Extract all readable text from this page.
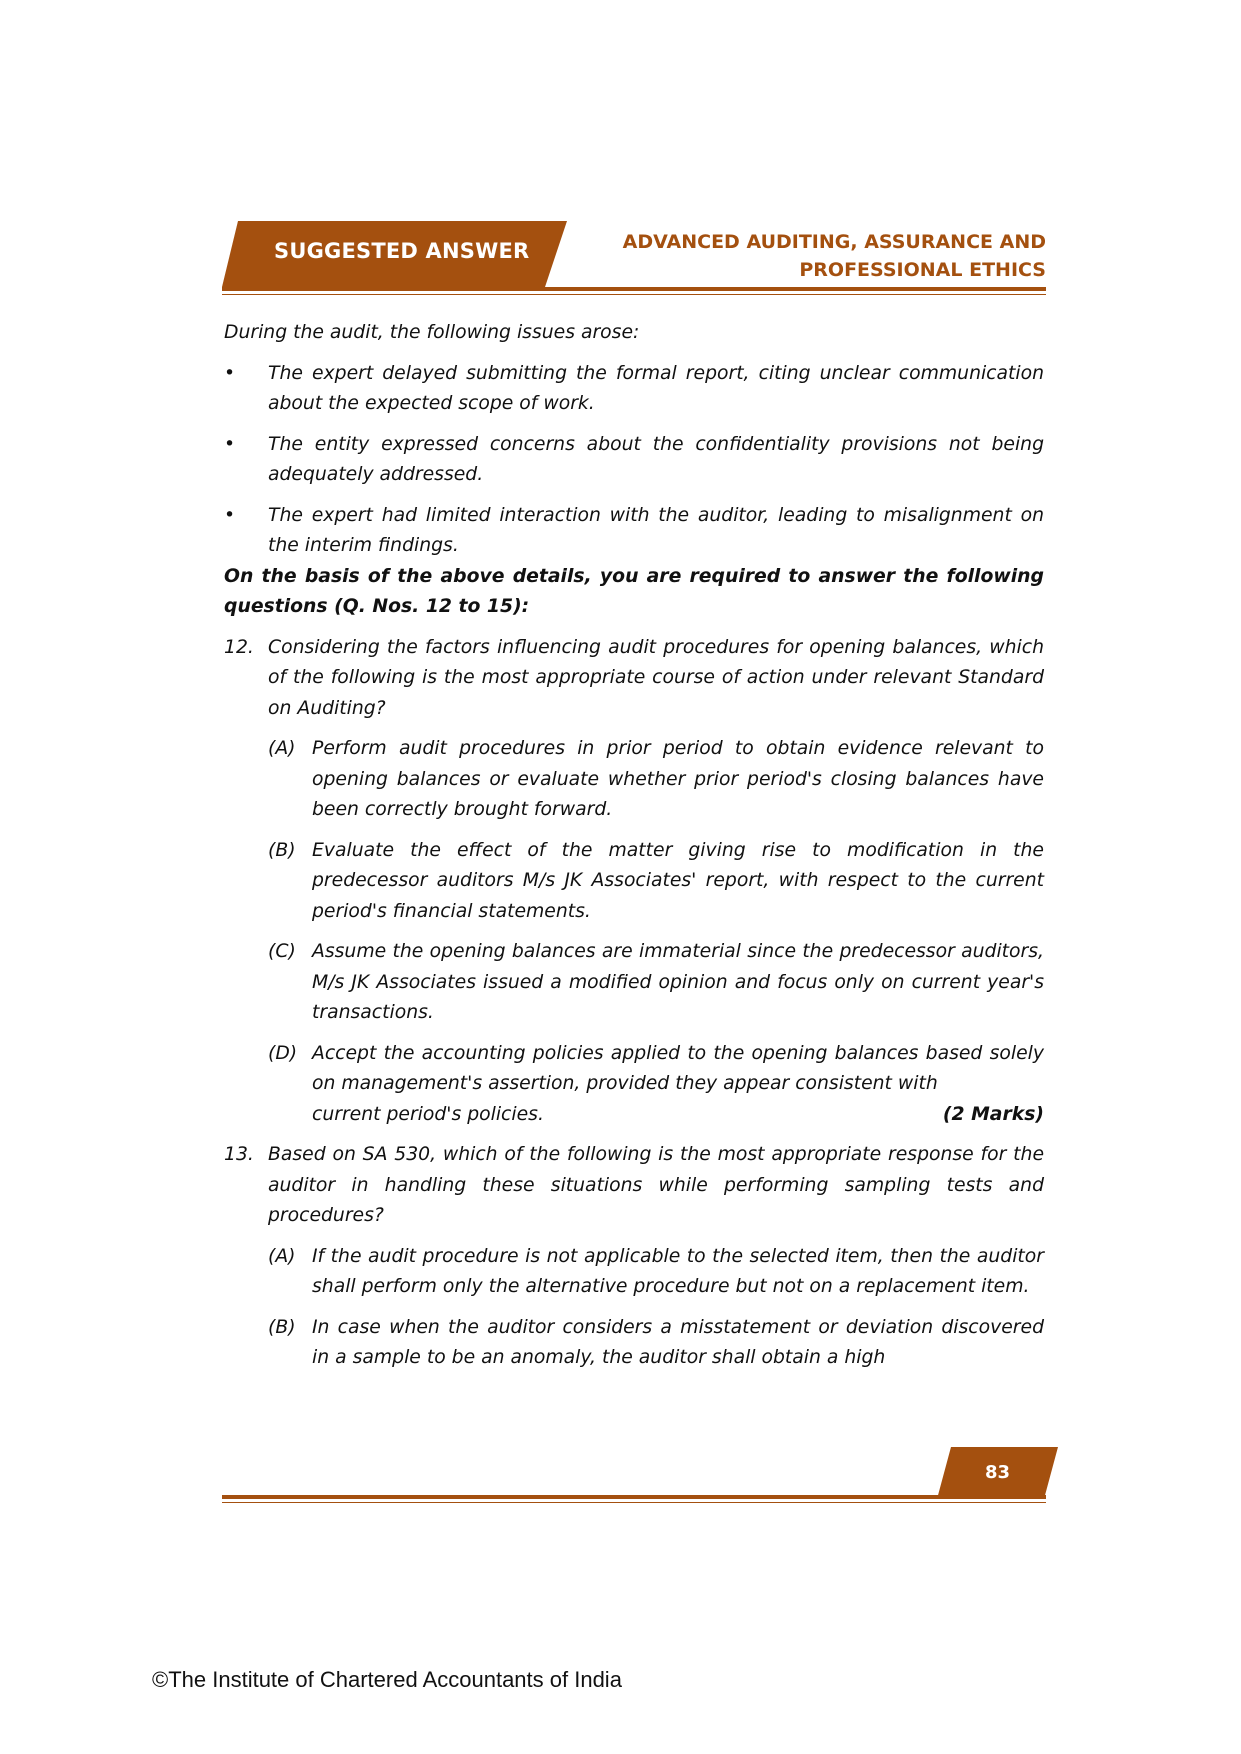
SUGGESTED ANSWER	ADVANCED AUDITING, ASSURANCE AND
PROFESSIONAL ETHICS

During the audit, the following issues arose:

•	The expert delayed submitting the formal report, citing unclear communication about the expected scope of work.
•	The entity expressed concerns about the confidentiality provisions not being adequately addressed.
•	The expert had limited interaction with the auditor, leading to misalignment on the interim findings.

On the basis of the above details, you are required to answer the following questions (Q. Nos. 12 to 15):

12. Considering the factors influencing audit procedures for opening balances, which of the following is the most appropriate course of action under relevant Standard on Auditing?
(A) Perform audit procedures in prior period to obtain evidence relevant to opening balances or evaluate whether prior period's closing balances have been correctly brought forward.
(B) Evaluate the effect of the matter giving rise to modification in the predecessor auditors M/s JK Associates' report, with respect to the current period's financial statements.
(C) Assume the opening balances are immaterial since the predecessor auditors, M/s JK Associates issued a modified opinion and focus only on current year's transactions.
(D) Accept the accounting policies applied to the opening balances based solely on management's assertion, provided they appear consistent with
current period's policies.	(2 Marks)
13. Based on SA 530, which of the following is the most appropriate response for the auditor in handling these situations while performing sampling tests and procedures?
(A) If the audit procedure is not applicable to the selected item, then the auditor shall perform only the alternative procedure but not on a replacement item.
(B) In case when the auditor considers a misstatement or deviation discovered in a sample to be an anomaly, the auditor shall obtain a high
83
©The Institute of Chartered Accountants of India
